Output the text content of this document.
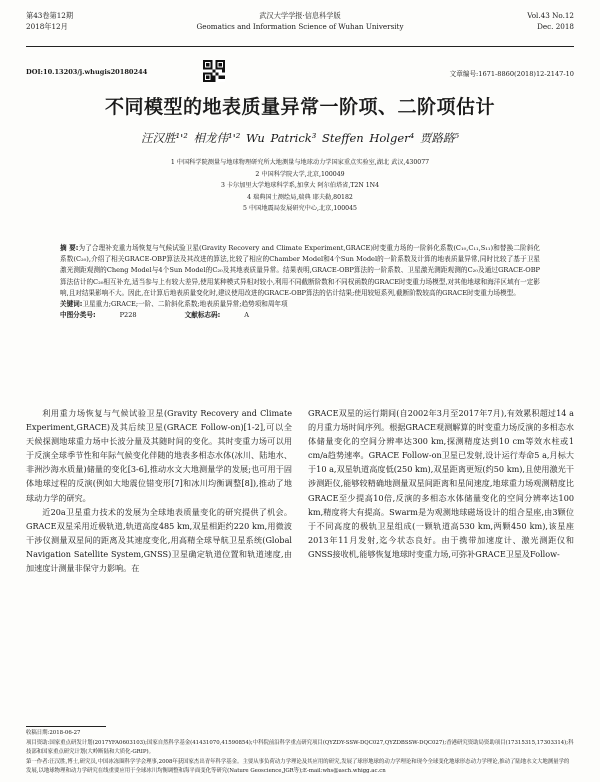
第43卷第12期
2018年12月
武汉大学学报·信息科学版
Geomatics and Information Science of Wuhan University
Vol.43 No.12
Dec. 2018
DOI:10.13203/j.whugis20180244	文章编号:1671-8860(2018)12-2147-10
不同模型的地表质量异常一阶项、二阶项估计
汪汉胜¹'² 相龙伟¹'² Wu Patrick³ Steffen Holger⁴ 贾路路⁵
1 中国科学院测量与地球物理研究所大地测量与地球动力学国家重点实验室,湖北 武汉,430077
2 中国科学院大学,北京,100049
3 卡尔加里大学地球科学系,加拿大 阿尔伯塔省,T2N 1N4
4 瑞典国土测绘局,瑞典 耶夫勒,80182
5 中国地震局发展研究中心,北京,100045

摘 要:为了合理补充重力场恢复与气候试验卫星(Gravity Recovery and Climate Experiment,GRACE)时变重力场的一阶斜化系数(C₁₀,C₁₁,S₁₁)和替换二阶斜化系数(C₂₀),介绍了相关GRACE-OBP算法及其改进的算法,比较了相应的Chamber Model和4个Sun Model的一阶系数及计算的地表质量异常,同时比较了基于卫星激光测距观测的Cheng Model与4个Sun Model的C₂₀及其地表质量异常。结果表明,GRACE-OBP算法的一阶系数、卫星激光测距观测的C₂₀及通过GRACE-OBP算法估计的C₂₀相互补充,适当参与上有较大差异,使用某种模式异相对较小,利用不同截断阶数和不同权函数的GRACE时变重力场模型,对其他地球和海洋区域有一定影响,且对结果影响不大。因此,在计算后地表质量变化时,建议使用改进的GRACE-OBP算法的估计结果;使用较短系列,截断阶数较高的GRACE时变重力场模型。

关键词:卫星重力;GRACE;一阶、二阶斜化系数;地表质量异常;趋势项和周年项

中图分类号:	P228	文献标志码:	A

利用重力场恢复与气候试验卫星(Gravity Recovery and Climate Experiment,GRACE)及其后续卫星(GRACE Follow-on)[1-2],可以全天候探测地球重力场中长波分量及其随时间的变化。其时变重力场可以用于反演全球季节性和年际气候变化伴随的地表多相态水体(冰川、陆地水、非洲沙海水质量)储量的变化[3-6],推动水文大地测量学的发展;也可用于固体地球过程的反演(例如大地震位错变形[7]和冰川均衡调整[8]),推动了地球动力学的研究。

近20a卫星重力技术的发展为全球地表质量变化的研究提供了机会。GRACE双星采用近极轨道,轨道高度485 km,双星相距约220 km,用微波干涉仪测量双星间的距离及其速度变化,用高精全球导航卫星系统(Global Navigation Satellite System,GNSS)卫星确定轨道位置和轨道速度,由加速度计测量非保守力影响。在

GRACE双星的运行期间(自2002年3月至2017年7月),有效累积超过14 a的月重力场时间序列。根据GRACE观测解算的时变重力场反演的多相态水体储量变化的空间分辨率达300 km,探测精度达到10 cm等效水柱或1 cm/a趋势速率。GRACE Follow-on卫星已发射,设计运行寿命5 a,月标大于10 a,双星轨道高度低(250 km),双星距离更短(约50 km),且使用激光干涉测距仪,能够较精确地测量双星间距离和星间速度,地球重力场观测精度比GRACE至少提高10倍,反演的多相态水体储量变化的空间分辨率达100 km,精度将大有提高。Swarm是为观测地球磁场设计的组合星座,由3颗位于不同高度的极轨卫星组成(一颗轨道高530 km,两颗450 km),该星座2013年11月发射,迄今状态良好。由于携带加速度计、激光测距仪和GNSS接收机,能够恢复地球时变重力场,可弥补GRACE卫星及Follow-

收稿日期:2018-06-27

项目资助:国家重点研发计划(2017YFA0603103);国家自然科学基金(41431070,41590854);中科院前沿科学重点研究项目(QYZDY-SSW-DQC027,QYZDBSSW-DQC027);香港研究资助局资助项目(17315315,17303314);科技部和国家重点研究计划(大岭断陆和大质化-GRIP)。

第一作者:汪汉胜,博士,研究员,中国冰冻圈科学学会理事,2008年获国家杰出青年科学基金。主要从事负荷动力学理论及其应用的研究,发展了球形地球的动力学理论和现今全球变化地球形态动力学理论,推动了陆地水文大地测量学的发展,以地球物理和动力学研究在线重要应用于全球冰川均衡调整和海平面变化等研究(Nature Geoscience,JGR等);E-mail:whs@asch.whigg.ac.cn
